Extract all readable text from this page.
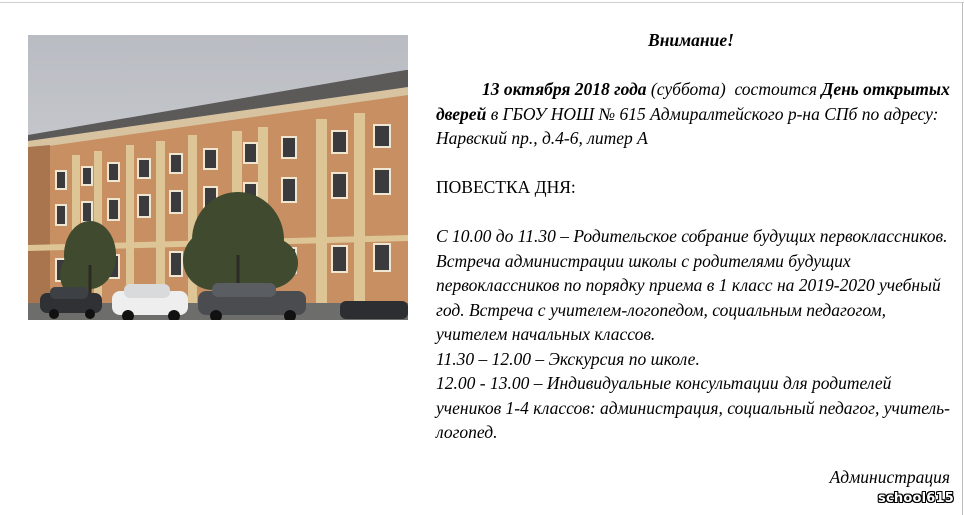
Внимание!

13 октября 2018 года (суббота) состоится День открытых дверей в ГБОУ НОШ № 615 Адмиралтейского р-на СПб по адресу: Нарвский пр., д.4-6, литер А

ПОВЕСТКА ДНЯ:

С 10.00 до 11.30 – Родительское собрание будущих первоклассников. Встреча администрации школы с родителями будущих первоклассников по порядку приема в 1 класс на 2019-2020 учебный год. Встреча с учителем-логопедом, социальным педагогом, учителем начальных классов.

11.30 – 12.00 – Экскурсия по школе.

12.00 - 13.00 – Индивидуальные консультации для родителей учеников 1-4 классов: администрация, социальный педагог, учитель-логопед.

Администрация
school615
